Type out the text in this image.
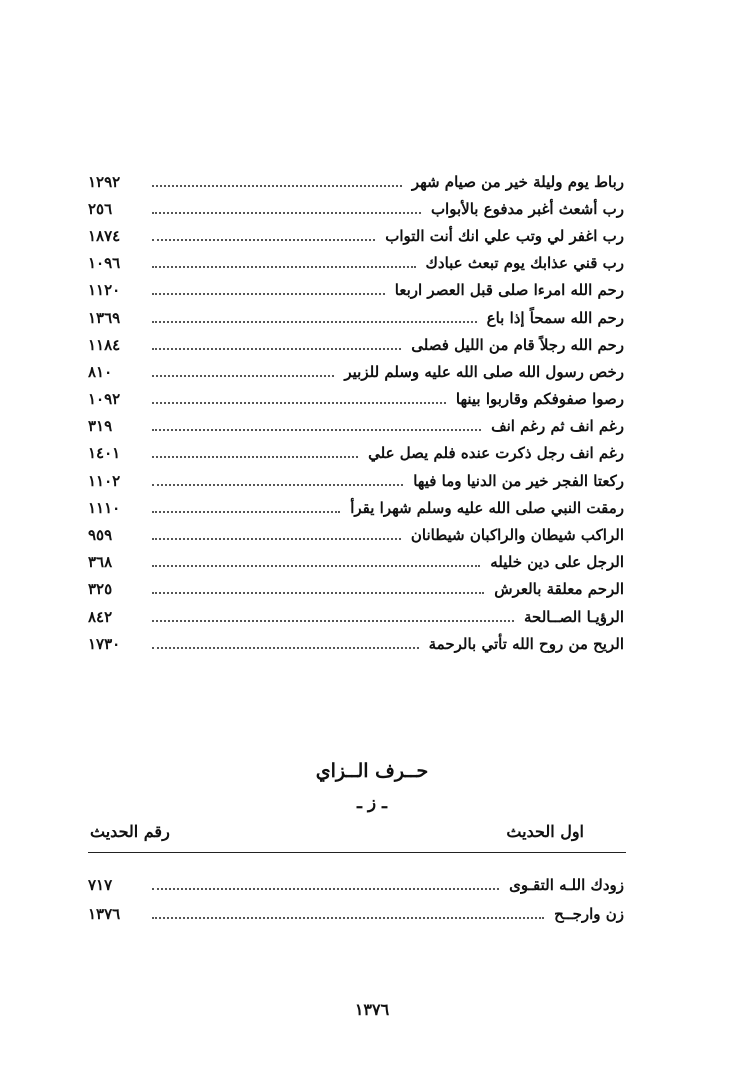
رباط يوم وليلة خير من صيام شهر
١٢٩٢
رب أشعث أغبر مدفوع بالأبواب
٢٥٦
رب اغفر لي وتب علي انك أنت التواب
١٨٧٤
رب قني عذابك يوم تبعث عبادك
١٠٩٦
رحم الله امرءا صلى قبل العصر اربعا
١١٢٠
رحم الله سمحاً إذا باع
١٣٦٩
رحم الله رجلاً قام من الليل فصلى
١١٨٤
رخص رسول الله صلى الله عليه وسلم للزبير
٨١٠
رصوا صفوفكم وقاربوا بينها
١٠٩٢
رغم انف ثم رغم انف
٣١٩
رغم انف رجل ذكرت عنده فلم يصل علي
١٤٠١
ركعتا الفجر خير من الدنيا وما فيها
١١٠٢
رمقت النبي صلى الله عليه وسلم شهرا يقرأ
١١١٠
الراكب شيطان والراكبان شيطانان
٩٥٩
الرجل على دين خليله
٣٦٨
الرحم معلقة بالعرش
٣٢٥
الرؤيـا الصــالحة
٨٤٢
الريح من روح الله تأتي بالرحمة
١٧٣٠
حــرف الــزاي
ـ ز ـ
اول الحديث
رقم الحديث
زودك اللـه التقـوى
٧١٧
زن وارجــح
١٣٧٦
١٣٧٦
